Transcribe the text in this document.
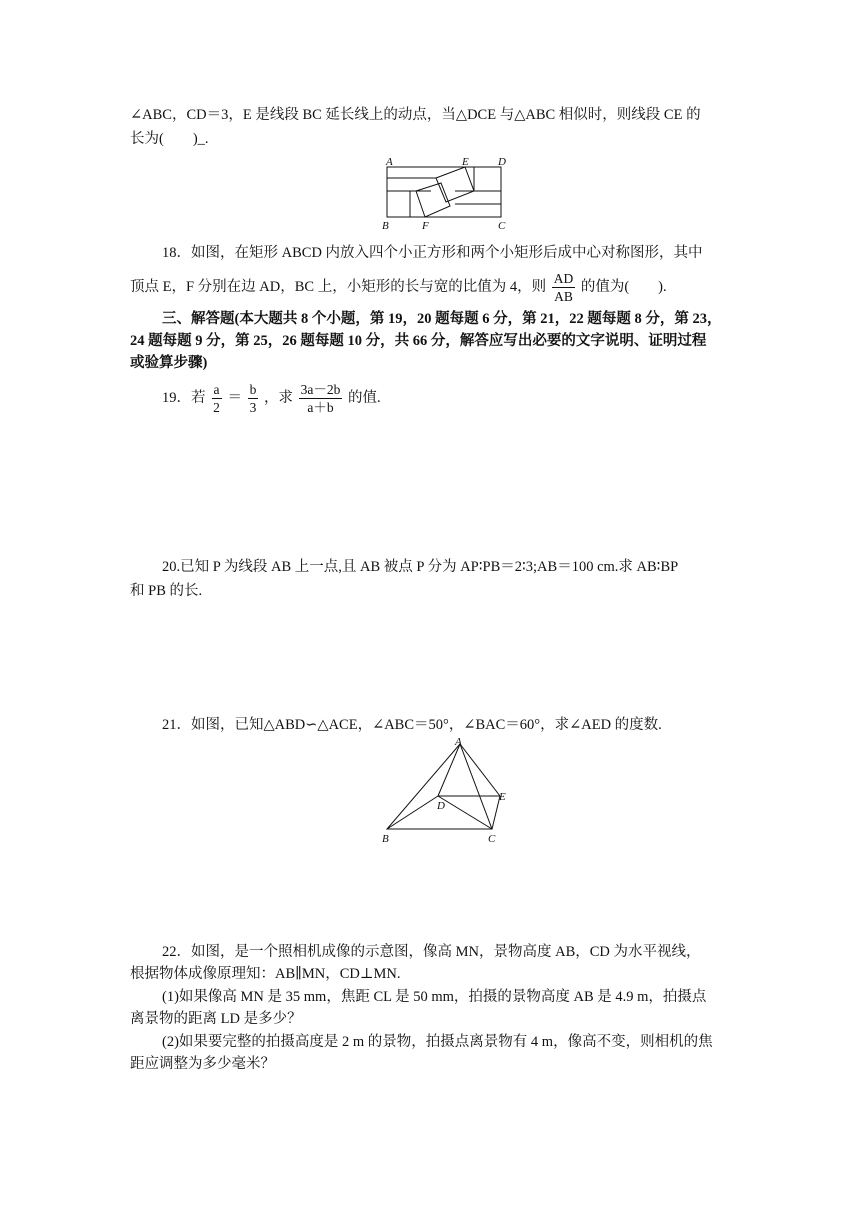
∠ABC，CD＝3，E 是线段 BC 延长线上的动点，当△DCE 与△ABC 相似时，则线段 CE 的
长为(　　)_.
A	E	D
B	F	C
18．如图，在矩形 ABCD 内放入四个小正方形和两个小矩形后成中心对称图形，其中
顶点 E，F 分别在边 AD，BC 上，小矩形的长与宽的比值为 4，则 $\frac{AD}{AB}$ 的值为(　　).
三、解答题(本大题共 8 个小题，第 19，20 题每题 6 分，第 21，22 题每题 8 分，第 23，
24 题每题 9 分，第 25，26 题每题 10 分，共 66 分，解答应写出必要的文字说明、证明过程
或验算步骤)
19．若 $\frac{a}{2} = \frac{b}{3}$ ，求 $\frac{3a-2b}{a+b}$ 的值.
20.已知 P 为线段 AB 上一点,且 AB 被点 P 分为 AP∶PB＝2∶3;AB＝100 cm.求 AB∶BP
和 PB 的长.
21．如图，已知△ABD∽△ACE，∠ABC＝50°，∠BAC＝60°，求∠AED 的度数.
A
D
E
B	C
22．如图，是一个照相机成像的示意图，像高 MN，景物高度 AB，CD 为水平视线，
根据物体成像原理知：AB∥MN，CD⊥MN.
(1)如果像高 MN 是 35 mm，焦距 CL 是 50 mm，拍摄的景物高度 AB 是 4.9 m，拍摄点
离景物的距离 LD 是多少？
(2)如果要完整的拍摄高度是 2 m 的景物，拍摄点离景物有 4 m，像高不变，则相机的焦
距应调整为多少毫米？
